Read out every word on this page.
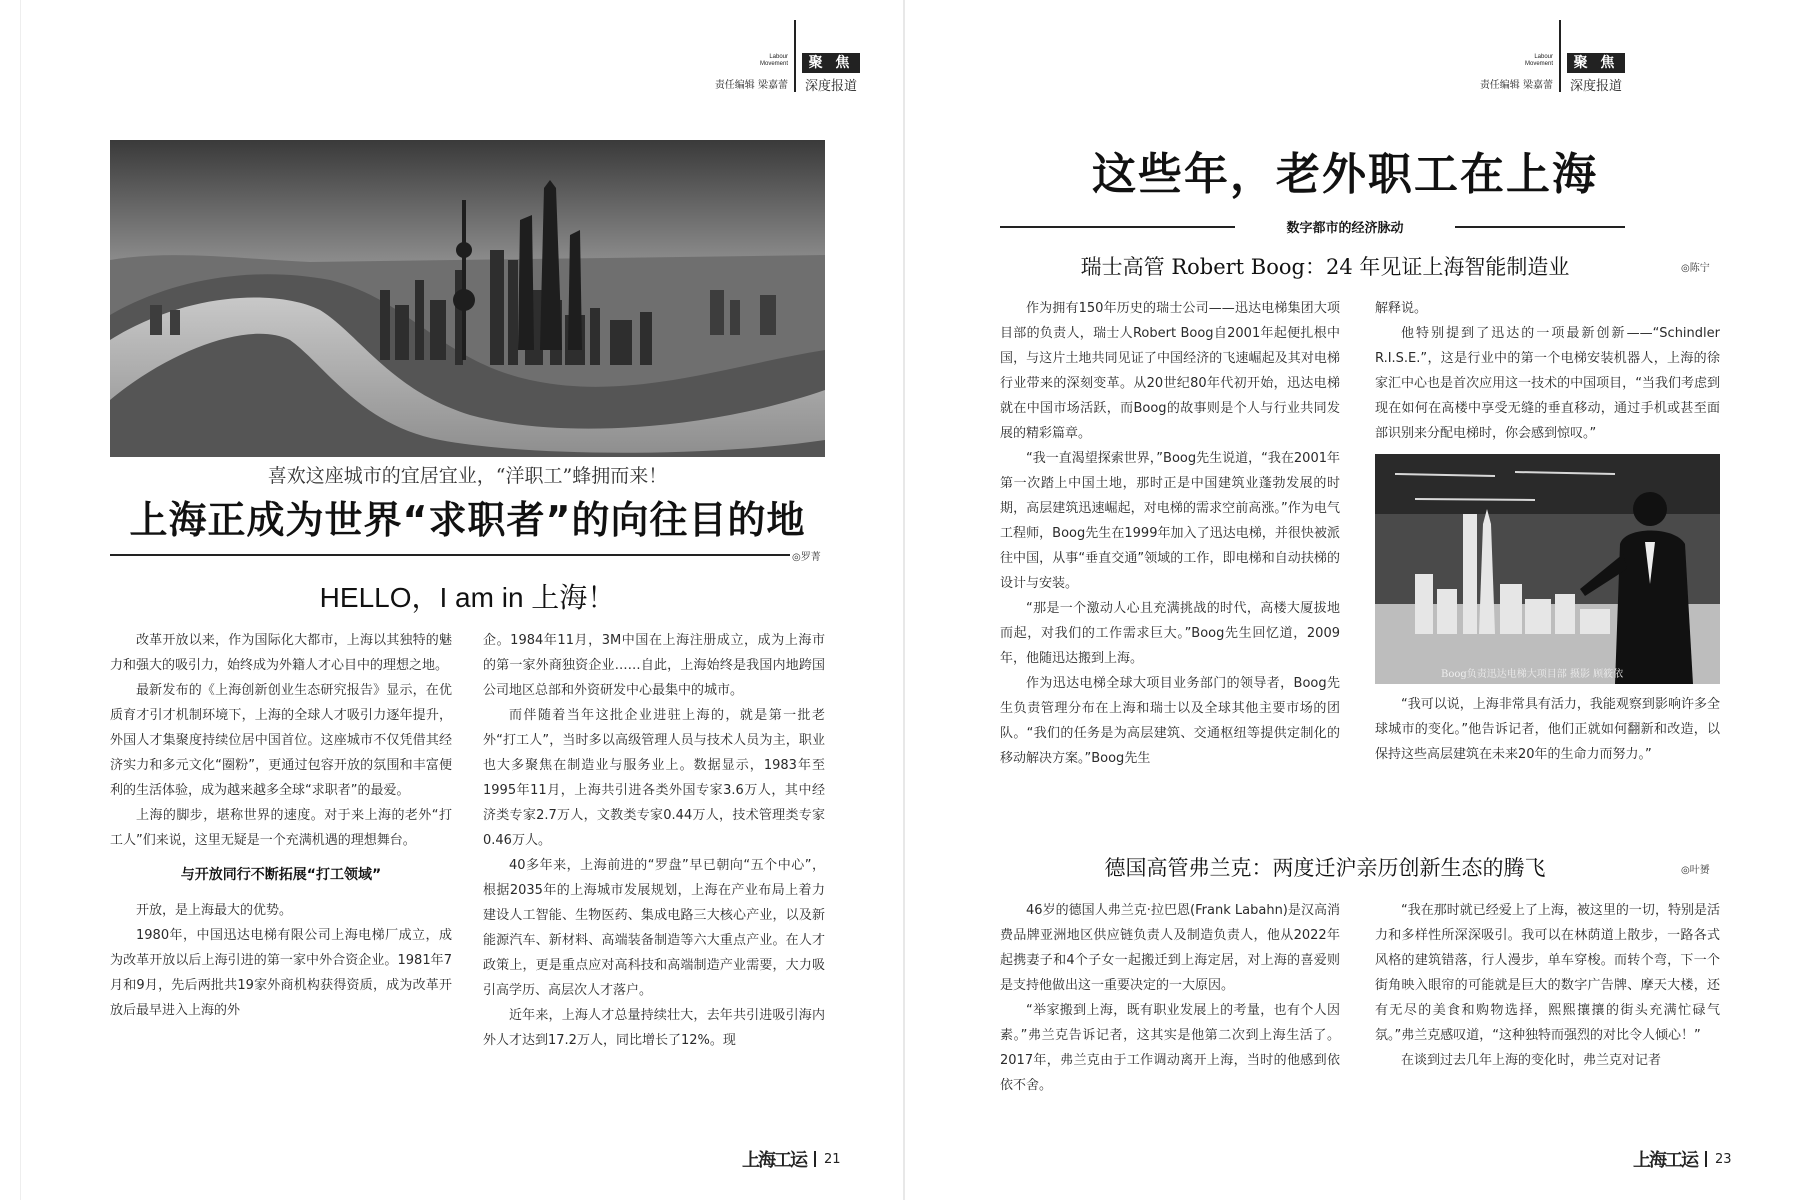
Labour
Movement
责任编辑 梁嘉蕾
聚 焦
深度报道
喜欢这座城市的宜居宜业，“洋职工”蜂拥而来！
上海正成为世界“求职者”的向往目的地
◎罗菁
HELLO，I am in 上海！

改革开放以来，作为国际化大都市，上海以其独特的魅力和强大的吸引力，始终成为外籍人才心目中的理想之地。

最新发布的《上海创新创业生态研究报告》显示，在优质育才引才机制环境下，上海的全球人才吸引力逐年提升，外国人才集聚度持续位居中国首位。这座城市不仅凭借其经济实力和多元文化“圈粉”，更通过包容开放的氛围和丰富便利的生活体验，成为越来越多全球“求职者”的最爱。

上海的脚步，堪称世界的速度。对于来上海的老外“打工人”们来说，这里无疑是一个充满机遇的理想舞台。

与开放同行不断拓展“打工领域”

开放，是上海最大的优势。

1980年，中国迅达电梯有限公司上海电梯厂成立，成为改革开放以后上海引进的第一家中外合资企业。1981年7月和9月，先后两批共19家外商机构获得资质，成为改革开放后最早进入上海的外

企。1984年11月，3M中国在上海注册成立，成为上海市的第一家外商独资企业……自此，上海始终是我国内地跨国公司地区总部和外资研发中心最集中的城市。

而伴随着当年这批企业进驻上海的，就是第一批老外“打工人”，当时多以高级管理人员与技术人员为主，职业也大多聚焦在制造业与服务业上。数据显示，1983年至1995年11月，上海共引进各类外国专家3.6万人，其中经济类专家2.7万人，文教类专家0.44万人，技术管理类专家0.46万人。

40多年来，上海前进的“罗盘”早已朝向“五个中心”，根据2035年的上海城市发展规划，上海在产业布局上着力建设人工智能、生物医药、集成电路三大核心产业，以及新能源汽车、新材料、高端装备制造等六大重点产业。在人才政策上，更是重点应对高科技和高端制造产业需要，大力吸引高学历、高层次人才落户。

近年来，上海人才总量持续壮大，去年共引进吸引海内外人才达到17.2万人，同比增长了12%。现

上海工运 21
Labour
Movement
责任编辑 梁嘉蕾
聚 焦
深度报道
这些年，老外职工在上海
数字都市的经济脉动
瑞士高管 Robert Boog：24 年见证上海智能制造业	◎陈宁

作为拥有150年历史的瑞士公司——迅达电梯集团大项目部的负责人，瑞士人Robert Boog自2001年起便扎根中国，与这片土地共同见证了中国经济的飞速崛起及其对电梯行业带来的深刻变革。从20世纪80年代初开始，迅达电梯就在中国市场活跃，而Boog的故事则是个人与行业共同发展的精彩篇章。

“我一直渴望探索世界，”Boog先生说道，“我在2001年第一次踏上中国土地，那时正是中国建筑业蓬勃发展的时期，高层建筑迅速崛起，对电梯的需求空前高涨。”作为电气工程师，Boog先生在1999年加入了迅达电梯，并很快被派往中国，从事“垂直交通”领域的工作，即电梯和自动扶梯的设计与安装。

“那是一个激动人心且充满挑战的时代，高楼大厦拔地而起，对我们的工作需求巨大。”Boog先生回忆道，2009年，他随迅达搬到上海。

作为迅达电梯全球大项目业务部门的领导者，Boog先生负责管理分布在上海和瑞士以及全球其他主要市场的团队。“我们的任务是为高层建筑、交通枢纽等提供定制化的移动解决方案。”Boog先生

解释说。

他特别提到了迅达的一项最新创新——“Schindler R.I.S.E.”，这是行业中的第一个电梯安装机器人，上海的徐家汇中心也是首次应用这一技术的中国项目，“当我们考虑到现在如何在高楼中享受无缝的垂直移动，通过手机或甚至面部识别来分配电梯时，你会感到惊叹。”

Boog负责迅达电梯大项目部 摄影 顾筱依

“我可以说，上海非常具有活力，我能观察到影响许多全球城市的变化。”他告诉记者，他们正就如何翻新和改造，以保持这些高层建筑在未来20年的生命力而努力。”

德国高管弗兰克：两度迁沪亲历创新生态的腾飞	◎叶赟

46岁的德国人弗兰克·拉巴恩(Frank Labahn)是汉高消费品牌亚洲地区供应链负责人及制造负责人，他从2022年起携妻子和4个子女一起搬迁到上海定居，对上海的喜爱则是支持他做出这一重要决定的一大原因。

“举家搬到上海，既有职业发展上的考量，也有个人因素。”弗兰克告诉记者，这其实是他第二次到上海生活了。2017年，弗兰克由于工作调动离开上海，当时的他感到依依不舍。

“我在那时就已经爱上了上海，被这里的一切，特别是活力和多样性所深深吸引。我可以在林荫道上散步，一路各式风格的建筑错落，行人漫步，单车穿梭。而转个弯，下一个街角映入眼帘的可能就是巨大的数字广告牌、摩天大楼，还有无尽的美食和购物选择，熙熙攘攘的街头充满忙碌气氛。”弗兰克感叹道，“这种独特而强烈的对比令人倾心！”

在谈到过去几年上海的变化时，弗兰克对记者

上海工运 23
